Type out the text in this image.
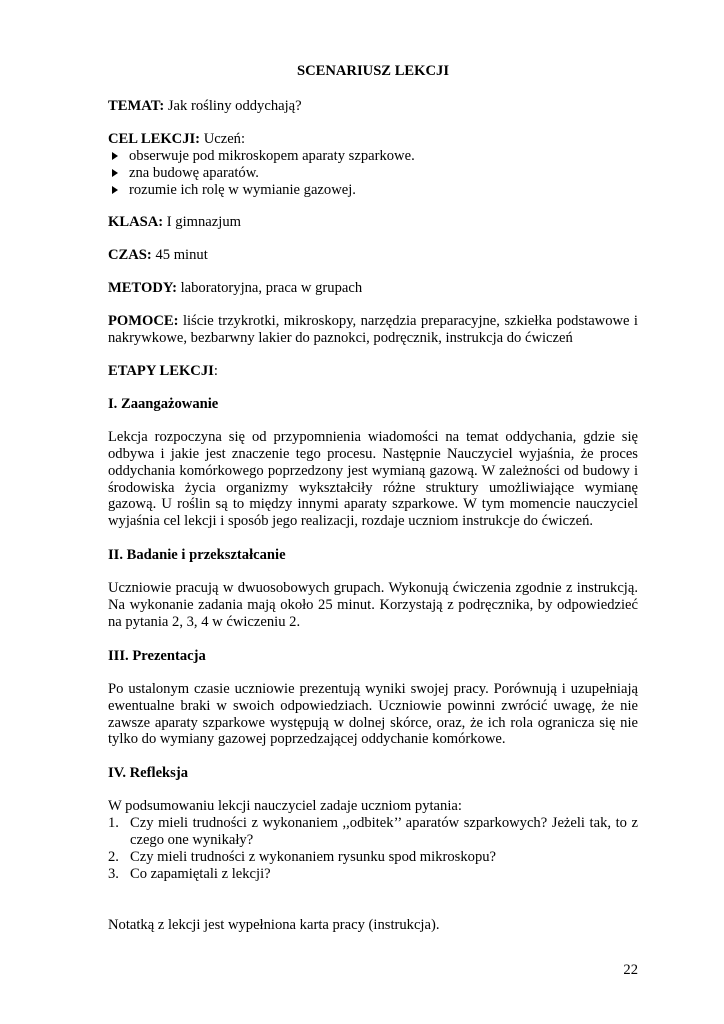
SCENARIUSZ LEKCJI

TEMAT: Jak rośliny oddychają?

CEL LEKCJI: Uczeń:

obserwuje pod mikroskopem aparaty szparkowe.
zna budowę aparatów.
rozumie ich rolę w wymianie gazowej.

KLASA: I gimnazjum

CZAS: 45 minut

METODY: laboratoryjna, praca w grupach

POMOCE: liście trzykrotki, mikroskopy, narzędzia preparacyjne, szkiełka podstawowe i nakrywkowe, bezbarwny lakier do paznokci, podręcznik, instrukcja do ćwiczeń

ETAPY LEKCJI:

I. Zaangażowanie

Lekcja rozpoczyna się od przypomnienia wiadomości na temat oddychania, gdzie się odbywa i jakie jest znaczenie tego procesu. Następnie Nauczyciel wyjaśnia, że proces oddychania komórkowego poprzedzony jest wymianą gazową. W zależności od budowy i środowiska życia organizmy wykształciły różne struktury umożliwiające wymianę gazową. U roślin są to między innymi aparaty szparkowe. W tym momencie nauczyciel wyjaśnia cel lekcji i sposób jego realizacji, rozdaje uczniom instrukcje do ćwiczeń.

II. Badanie i przekształcanie

Uczniowie pracują w dwuosobowych grupach. Wykonują ćwiczenia zgodnie z instrukcją. Na wykonanie zadania mają około 25 minut. Korzystają z podręcznika, by odpowiedzieć na pytania 2, 3, 4 w ćwiczeniu 2.

III. Prezentacja

Po ustalonym czasie uczniowie prezentują wyniki swojej pracy. Porównują i uzupełniają ewentualne braki w swoich odpowiedziach. Uczniowie powinni zwrócić uwagę, że nie zawsze aparaty szparkowe występują w dolnej skórce, oraz, że ich rola ogranicza się nie tylko do wymiany gazowej poprzedzającej oddychanie komórkowe.

IV. Refleksja

W podsumowaniu lekcji nauczyciel zadaje uczniom pytania:

1. Czy mieli trudności z wykonaniem ,,odbitek’’ aparatów szparkowych? Jeżeli tak, to z czego one wynikały?
2. Czy mieli trudności z wykonaniem rysunku spod mikroskopu?
3. Co zapamiętali z lekcji?

Notatką z lekcji jest wypełniona karta pracy (instrukcja).

22
